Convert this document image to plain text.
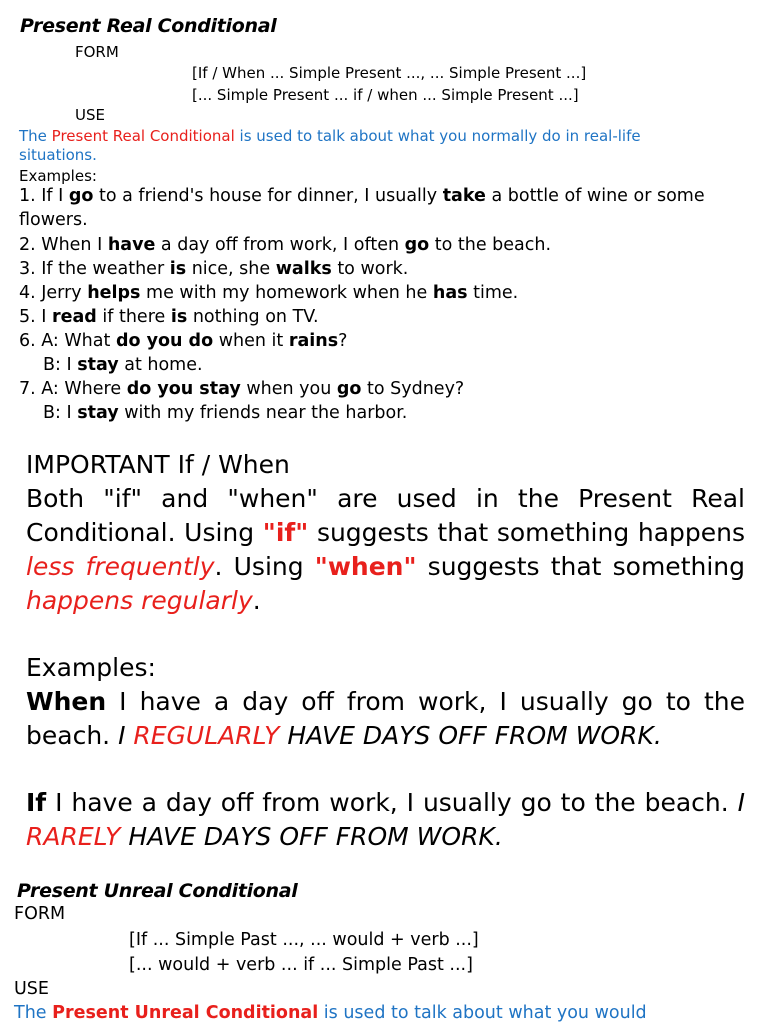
Present Real Conditional
FORM
[If / When ... Simple Present ..., ... Simple Present ...]
[... Simple Present ... if / when ... Simple Present ...]
USE
The Present Real Conditional is used to talk about what you normally do in real-life
situations.
Examples:
1. If I go to a friend's house for dinner, I usually take a bottle of wine or some
flowers.
2. When I have a day off from work, I often go to the beach.
3. If the weather is nice, she walks to work.
4. Jerry helps me with my homework when he has time.
5. I read if there is nothing on TV.
6. A: What do you do when it rains?
B: I stay at home.
7. A: Where do you stay when you go to Sydney?
B: I stay with my friends near the harbor.
IMPORTANT If / When
Both "if" and "when" are used in the Present Real
Conditional. Using "if" suggests that something happens
less frequently. Using "when" suggests that something
happens regularly.
Examples:
When I have a day off from work, I usually go to the
beach. I REGULARLY HAVE DAYS OFF FROM WORK.
If I have a day off from work, I usually go to the beach. I
RARELY HAVE DAYS OFF FROM WORK.
Present Unreal Conditional
FORM
[If ... Simple Past ..., ... would + verb ...]
[... would + verb ... if ... Simple Past ...]
USE
The Present Unreal Conditional is used to talk about what you would
